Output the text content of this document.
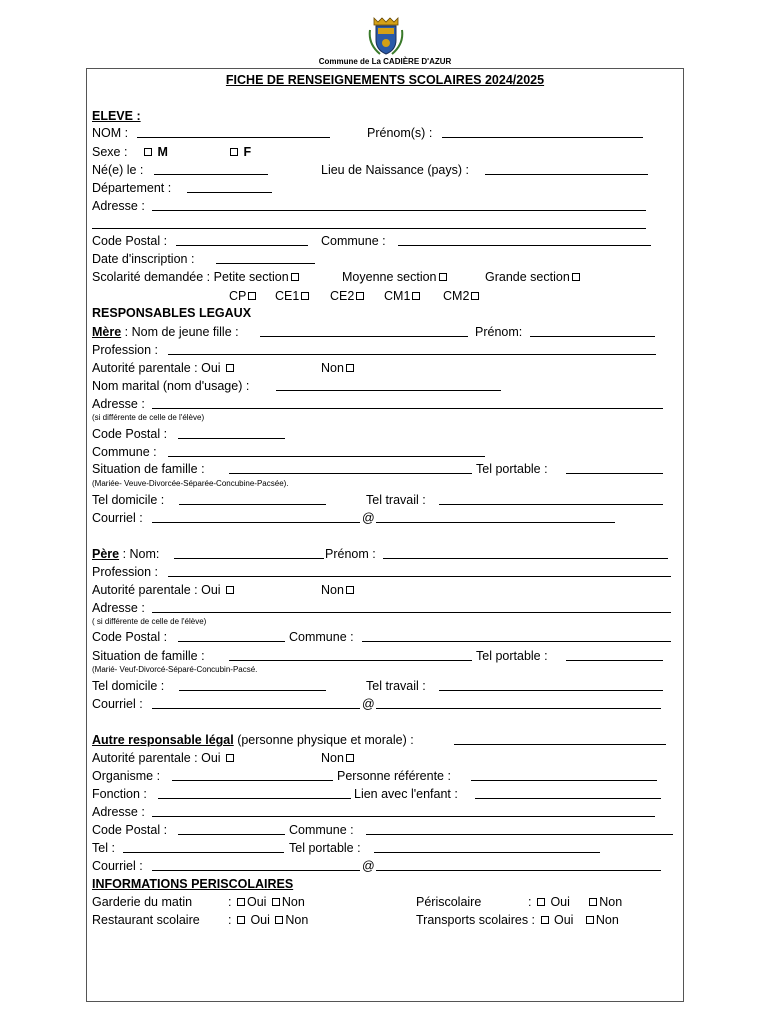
Commune de La CADIÈRE D'AZUR
FICHE DE RENSEIGNEMENTS SCOLAIRES 2024/2025
ELEVE :
NOM :	Prénom(s) :
Sexe :	M	F
Né(e) le :	Lieu de Naissance (pays) :
Département :
Adresse :
Code Postal :	Commune :
Date d'inscription :
Scolarité demandée : Petite section	Moyenne section	Grande section
CP	CE1	CE2	CM1	CM2
RESPONSABLES LEGAUX
Mère : Nom de jeune fille :	Prénom:
Profession :
Autorité parentale : Oui	Non
Nom marital (nom d'usage) :
Adresse :
(si différente de celle de l'élève)
Code Postal :
Commune :
Situation de famille :	Tel portable :
(Mariée- Veuve-Divorcée-Séparée-Concubine-Pacsée).
Tel domicile :	Tel travail :
Courriel :	@
Père : Nom:	Prénom :
Profession :
Autorité parentale : Oui	Non
Adresse :
( si différente de celle de l'élève)
Code Postal :	Commune :
Situation de famille :	Tel portable :
(Marié- Veuf-Divorcé-Séparé-Concubin-Pacsé.
Tel domicile :	Tel travail :
Courriel :	@
Autre responsable légal (personne physique et morale) :
Autorité parentale : Oui	Non
Organisme :	Personne référente :
Fonction :	Lien avec l'enfant :
Adresse :
Code Postal :	Commune :
Tel :	Tel portable :
Courriel :	@
INFORMATIONS PERISCOLAIRES
Garderie du matin	: Oui Non	Périscolaire	: Oui Non
Restaurant scolaire : Oui Non	Transports scolaires : Oui Non
